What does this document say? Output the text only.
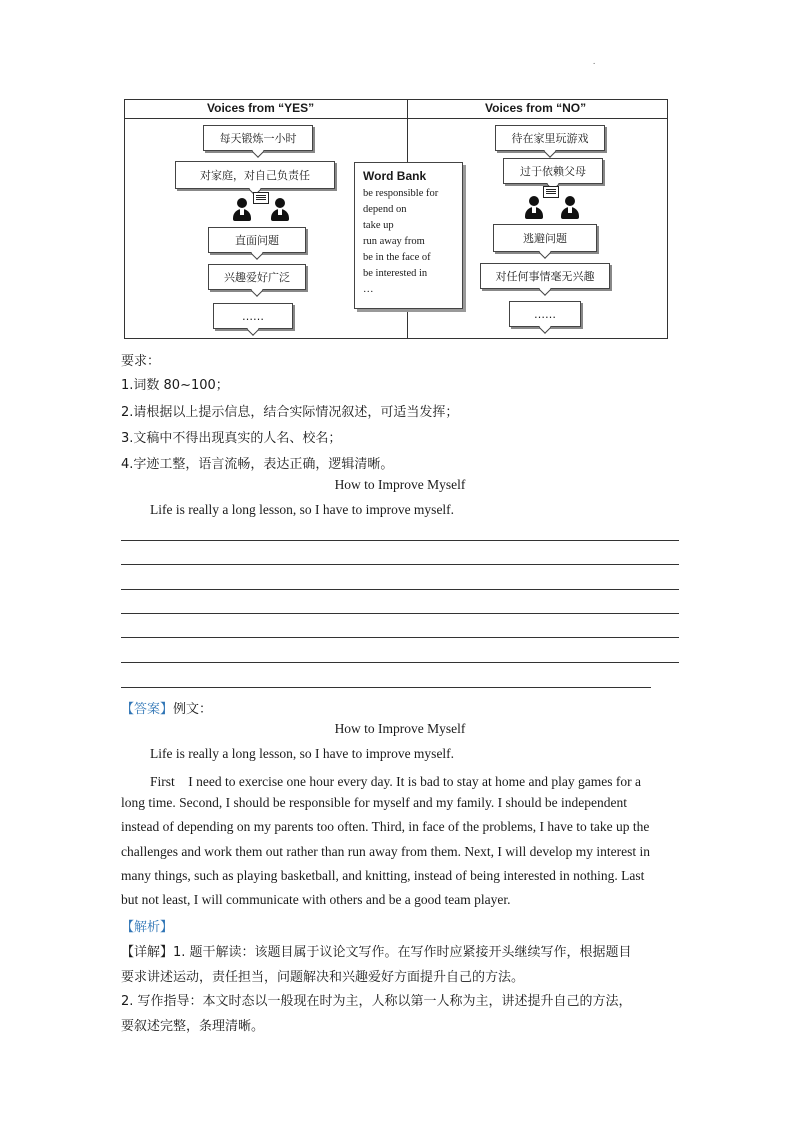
.
Voices from “YES”	Voices from “NO”
每天锻炼一小时
对家庭，对自己负责任
直面问题
兴趣爱好广泛
……
Word Bank
be responsible for
depend on
take up
run away from
be in the face of
be interested in
…
待在家里玩游戏
过于依赖父母
逃避问题
对任何事情毫无兴趣
……
要求：
1.词数 80~100；
2.请根据以上提示信息，结合实际情况叙述，可适当发挥；
3.文稿中不得出现真实的人名、校名；
4.字迹工整，语言流畅，表达正确，逻辑清晰。
How to Improve Myself
Life is really a long lesson, so I have to improve myself.
【答案】例文：
How to Improve Myself
Life is really a long lesson, so I have to improve myself.
First　I need to exercise one hour every day. It is bad to stay at home and play games for a
long time. Second, I should be responsible for myself and my family. I should be independent
instead of depending on my parents too often. Third, in face of the problems, I have to take up the
challenges and work them out rather than run away from them. Next, I will develop my interest in
many things, such as playing basketball, and knitting, instead of being interested in nothing. Last
but not least, I will communicate with others and be a good team player.
【解析】
【详解】1. 题干解读：该题目属于议论文写作。在写作时应紧接开头继续写作，根据题目
要求讲述运动，责任担当，问题解决和兴趣爱好方面提升自己的方法。
2. 写作指导：本文时态以一般现在时为主，人称以第一人称为主，讲述提升自己的方法，
要叙述完整，条理清晰。
